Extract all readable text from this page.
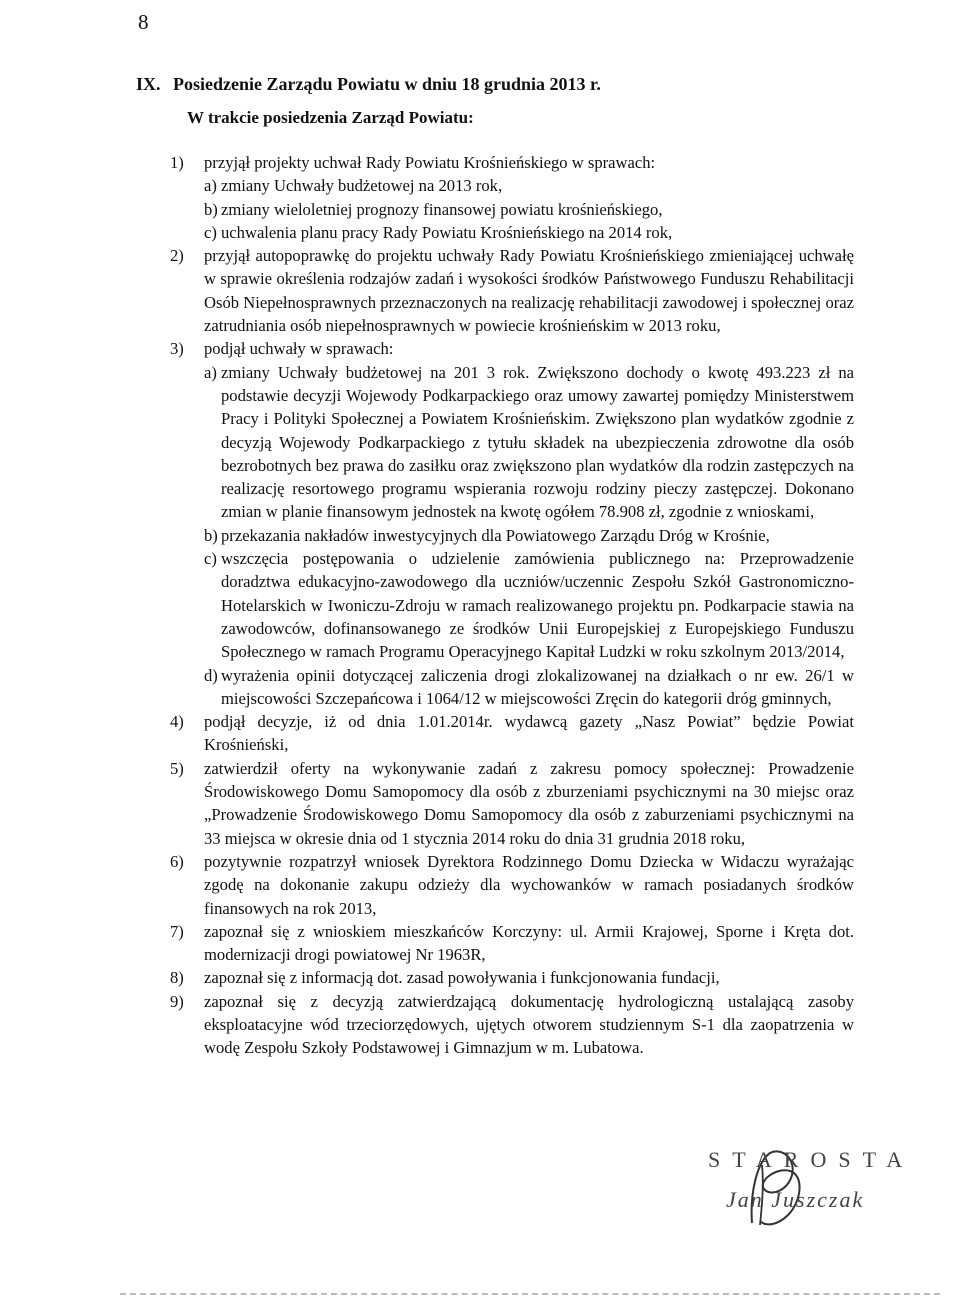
8
IX. Posiedzenie Zarządu Powiatu w dniu 18 grudnia 2013 r.
W trakcie posiedzenia Zarząd Powiatu:
1) przyjął projekty uchwał Rady Powiatu Krośnieńskiego w sprawach:
a) zmiany Uchwały budżetowej na 2013 rok,
b) zmiany wieloletniej prognozy finansowej powiatu krośnieńskiego,
c) uchwalenia planu pracy Rady Powiatu Krośnieńskiego na 2014 rok,
2) przyjął autopoprawkę do projektu uchwały Rady Powiatu Krośnieńskiego zmieniającej uchwałę w sprawie określenia rodzajów zadań i wysokości środków Państwowego Funduszu Rehabilitacji Osób Niepełnosprawnych przeznaczonych na realizację rehabilitacji zawodowej i społecznej oraz zatrudniania osób niepełnosprawnych w powiecie krośnieńskim w 2013 roku,
3) podjął uchwały w sprawach:
a) zmiany Uchwały budżetowej na 201 3 rok. Zwiększono dochody o kwotę 493.223 zł na podstawie decyzji Wojewody Podkarpackiego oraz umowy zawartej pomiędzy Ministerstwem Pracy i Polityki Społecznej a Powiatem Krośnieńskim. Zwiększono plan wydatków zgodnie z decyzją Wojewody Podkarpackiego z tytułu składek na ubezpieczenia zdrowotne dla osób bezrobotnych bez prawa do zasiłku oraz zwiększono plan wydatków dla rodzin zastępczych na realizację resortowego programu wspierania rozwoju rodziny pieczy zastępczej. Dokonano zmian w planie finansowym jednostek na kwotę ogółem 78.908 zł, zgodnie z wnioskami,
b) przekazania nakładów inwestycyjnych dla Powiatowego Zarządu Dróg w Krośnie,
c) wszczęcia postępowania o udzielenie zamówienia publicznego na: Przeprowadzenie doradztwa edukacyjno-zawodowego dla uczniów/uczennic Zespołu Szkół Gastronomiczno-Hotelarskich w Iwoniczu-Zdroju w ramach realizowanego projektu pn. Podkarpacie stawia na zawodowców, dofinansowanego ze środków Unii Europejskiej z Europejskiego Funduszu Społecznego w ramach Programu Operacyjnego Kapitał Ludzki w roku szkolnym 2013/2014,
d) wyrażenia opinii dotyczącej zaliczenia drogi zlokalizowanej na działkach o nr ew. 26/1 w miejscowości Szczepańcowa i 1064/12 w miejscowości Zręcin do kategorii dróg gminnych,
4) podjął decyzje, iż od dnia 1.01.2014r. wydawcą gazety „Nasz Powiat” będzie Powiat Krośnieński,
5) zatwierdził oferty na wykonywanie zadań z zakresu pomocy społecznej: Prowadzenie Środowiskowego Domu Samopomocy dla osób z zburzeniami psychicznymi na 30 miejsc oraz „Prowadzenie Środowiskowego Domu Samopomocy dla osób z zaburzeniami psychicznymi na 33 miejsca w okresie dnia od 1 stycznia 2014 roku do dnia 31 grudnia 2018 roku,
6) pozytywnie rozpatrzył wniosek Dyrektora Rodzinnego Domu Dziecka w Widaczu wyrażając zgodę na dokonanie zakupu odzieży dla wychowanków w ramach posiadanych środków finansowych na rok 2013,
7) zapoznał się z wnioskiem mieszkańców Korczyny: ul. Armii Krajowej, Sporne i Kręta dot. modernizacji drogi powiatowej Nr 1963R,
8) zapoznał się z informacją dot. zasad powoływania i funkcjonowania fundacji,
9) zapoznał się z decyzją zatwierdzającą dokumentację hydrologiczną ustalającą zasoby eksploatacyjne wód trzeciorzędowych, ujętych otworem studziennym S-1 dla zaopatrzenia w wodę Zespołu Szkoły Podstawowej i Gimnazjum w m. Lubatowa.
STAROSTA
Jan Juszczak
